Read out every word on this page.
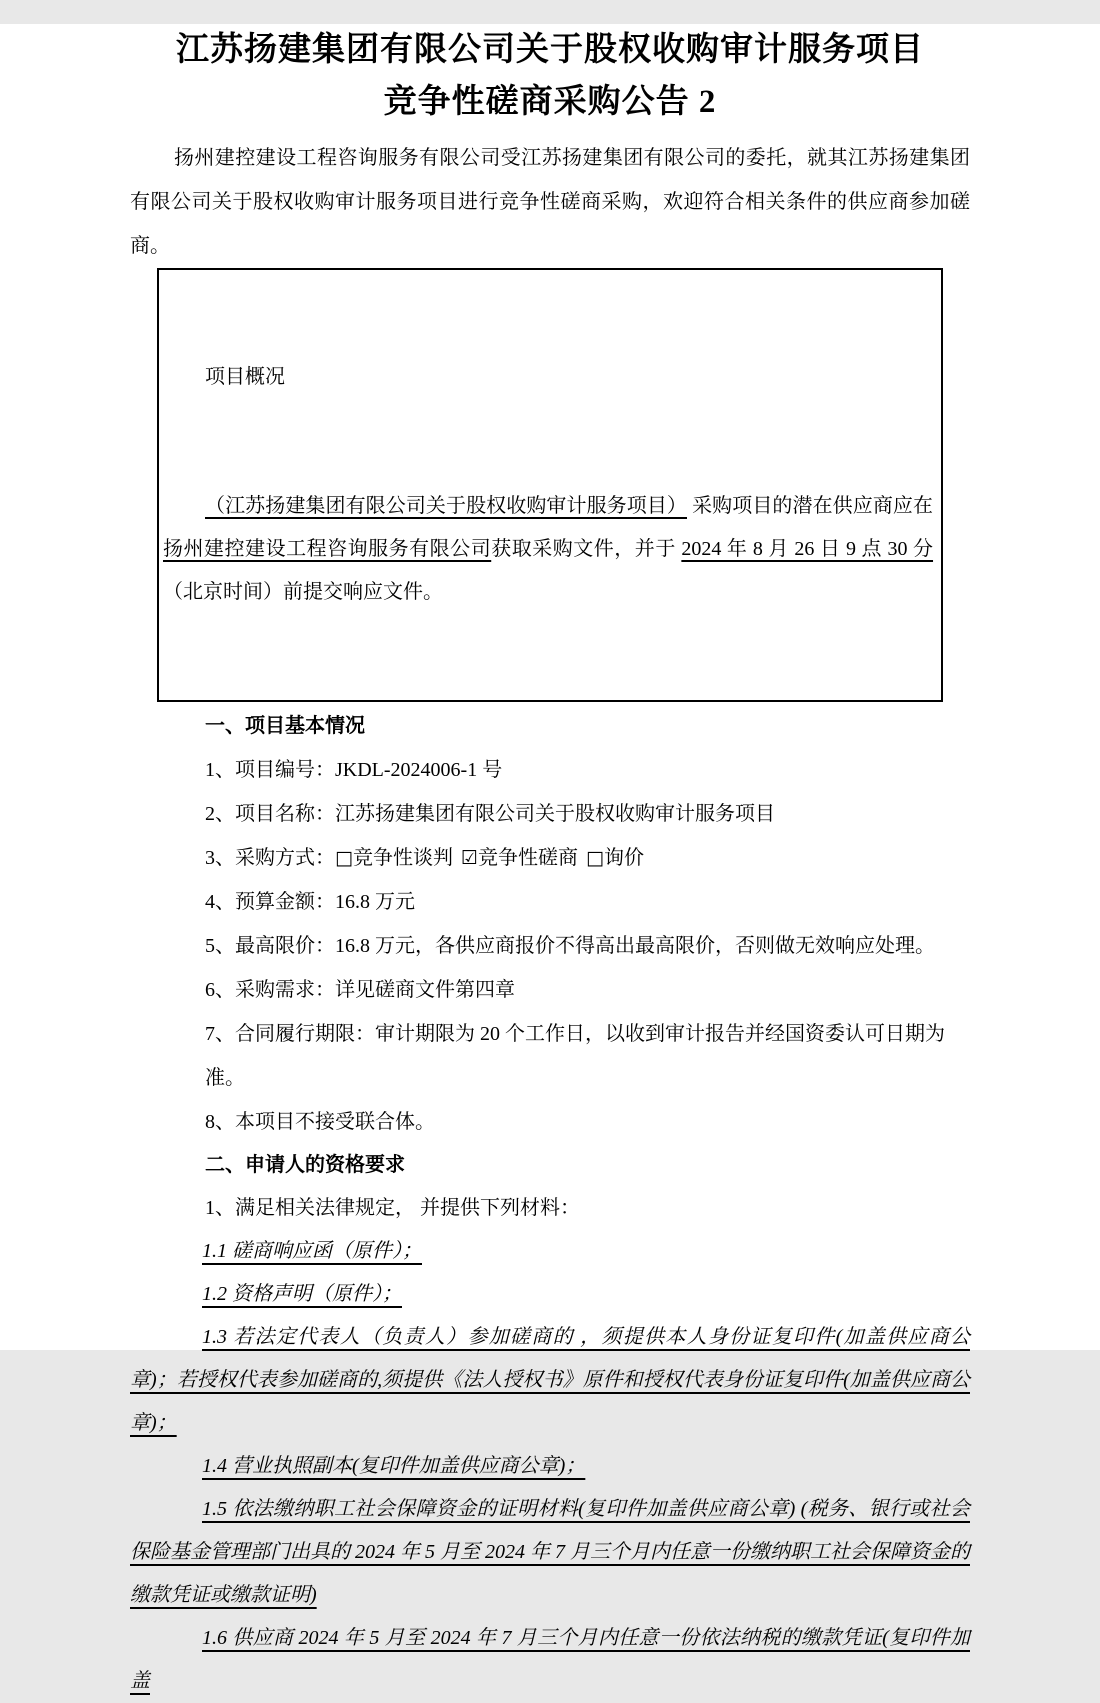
江苏扬建集团有限公司关于股权收购审计服务项目
竞争性磋商采购公告 2
扬州建控建设工程咨询服务有限公司受江苏扬建集团有限公司的委托，就其江苏扬建集团有限公司关于股权收购审计服务项目进行竞争性磋商采购，欢迎符合相关条件的供应商参加磋商。

项目概况

（江苏扬建集团有限公司关于股权收购审计服务项目） 采购项目的潜在供应商应在扬州建控建设工程咨询服务有限公司获取采购文件，并于 2024 年 8 月 26 日 9 点 30 分（北京时间）前提交响应文件。

一、项目基本情况
1、项目编号：JKDL-2024006-1 号
2、项目名称：江苏扬建集团有限公司关于股权收购审计服务项目
3、采购方式：□竞争性谈判 ☑竞争性磋商 □询价
4、预算金额：16.8 万元
5、最高限价：16.8 万元，各供应商报价不得高出最高限价，否则做无效响应处理。
6、采购需求：详见磋商文件第四章
7、合同履行期限：审计期限为 20 个工作日，以收到审计报告并经国资委认可日期为准。
8、本项目不接受联合体。
二、申请人的资格要求
1、满足相关法律规定， 并提供下列材料：
1.1 磋商响应函（原件）；
1.2 资格声明（原件）；
1.3 若法定代表人（负责人）参加磋商的 ，须提供本人身份证复印件(加盖供应商公章)；若授权代表参加磋商的,须提供《法人授权书》原件和授权代表身份证复印件(加盖供应商公章)；
1.4 营业执照副本(复印件加盖供应商公章)；
1.5 依法缴纳职工社会保障资金的证明材料(复印件加盖供应商公章) (税务、银行或社会保险基金管理部门出具的 2024 年 5 月至 2024 年 7 月三个月内任意一份缴纳职工社会保障资金的缴款凭证或缴款证明)
1.6 供应商 2024 年 5 月至 2024 年 7 月三个月内任意一份依法纳税的缴款凭证(复印件加盖
